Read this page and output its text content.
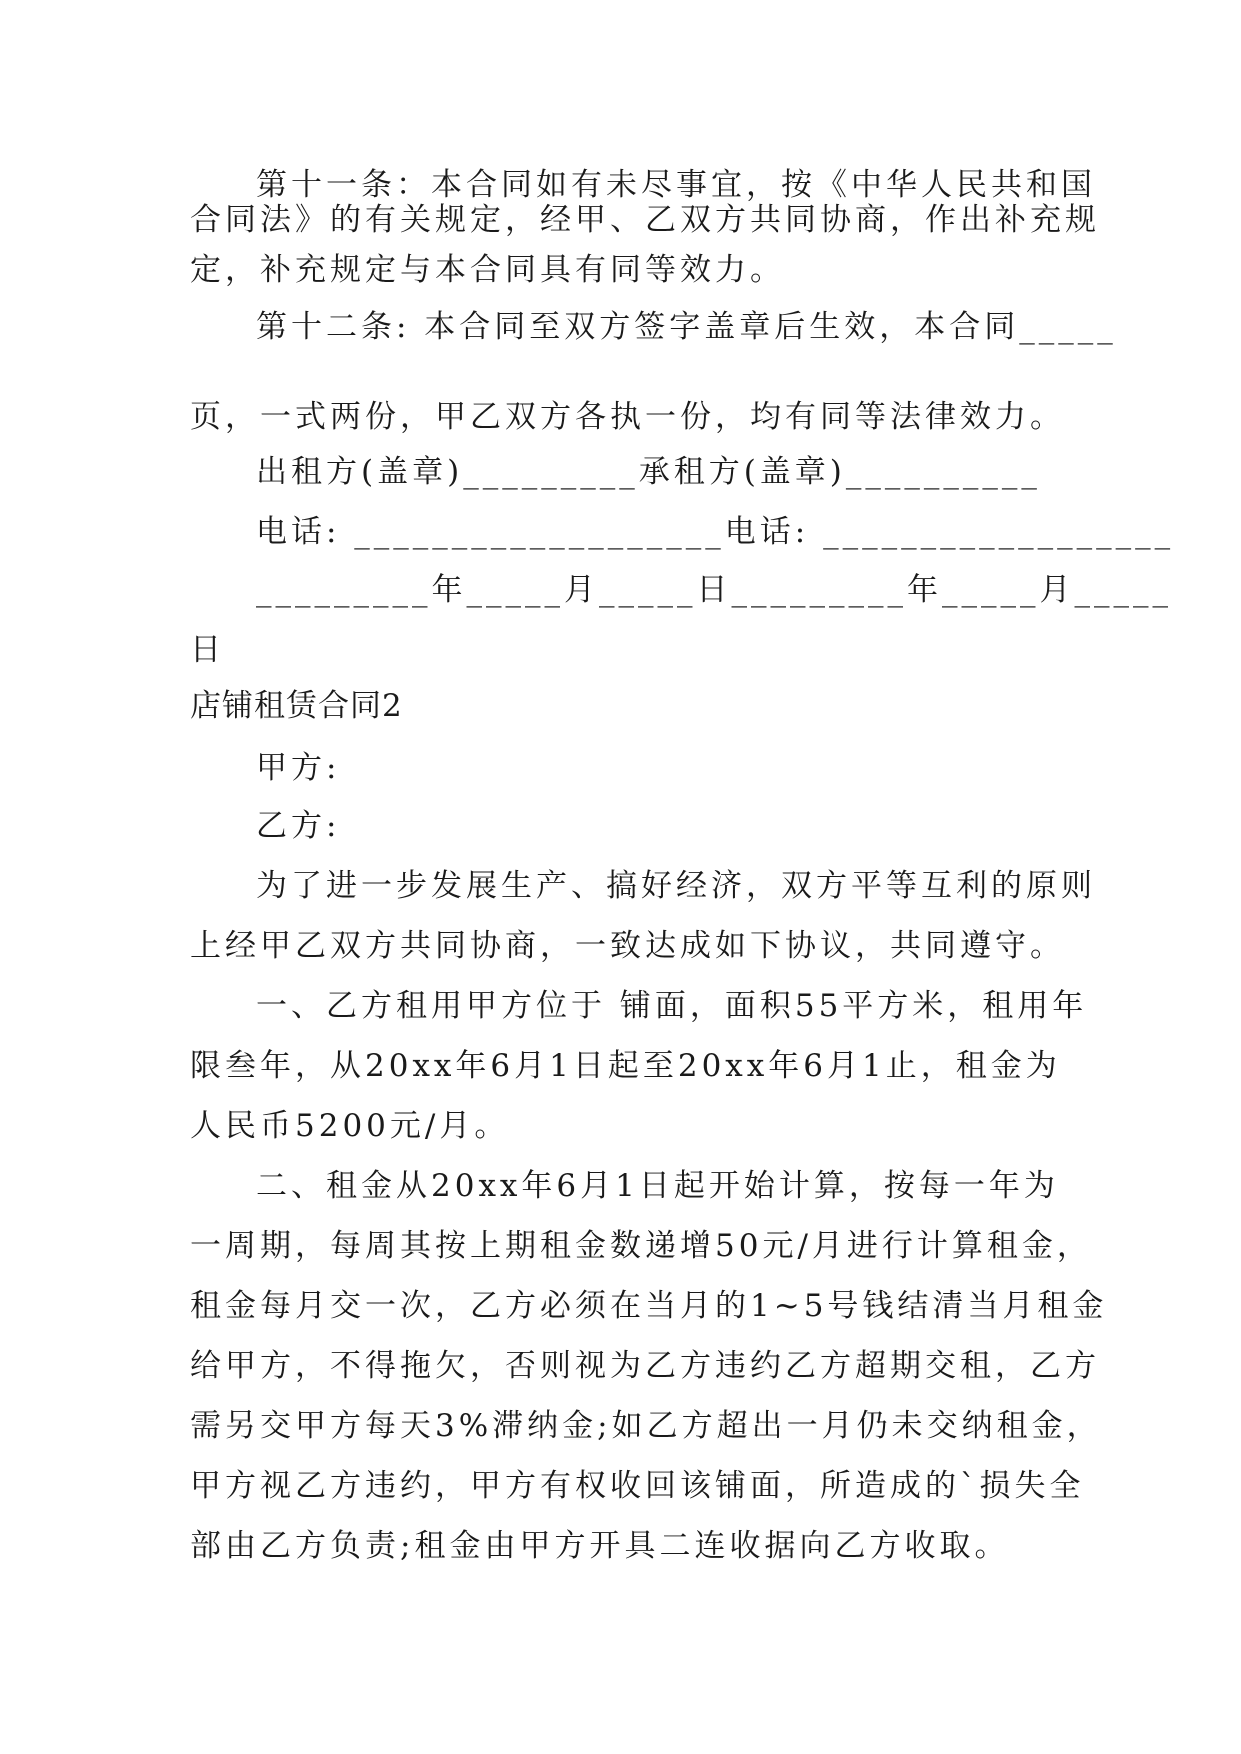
第十一条：本合同如有未尽事宜，按《中华人民共和国
合同法》的有关规定，经甲、乙双方共同协商，作出补充规
定，补充规定与本合同具有同等效力。
第十二条: 本合同至双方签字盖章后生效，本合同_____
页，一式两份，甲乙双方各执一份，均有同等法律效力。
出租方(盖章)_________承租方(盖章)__________
电话: ___________________电话: __________________
_________年_____月_____日_________年_____月_____
日
店铺租赁合同2
甲方:
乙方:
为了进一步发展生产、搞好经济，双方平等互利的原则
上经甲乙双方共同协商，一致达成如下协议，共同遵守。
一、乙方租用甲方位于 铺面，面积55平方米，租用年
限叁年，从20xx年6月1日起至20xx年6月1止，租金为
人民币5200元/月。
二、租金从20xx年6月1日起开始计算，按每一年为
一周期，每周其按上期租金数递增50元/月进行计算租金，
租金每月交一次，乙方必须在当月的1~5号钱结清当月租金
给甲方，不得拖欠，否则视为乙方违约乙方超期交租，乙方
需另交甲方每天3%滞纳金;如乙方超出一月仍未交纳租金，
甲方视乙方违约，甲方有权收回该铺面，所造成的`损失全
部由乙方负责;租金由甲方开具二连收据向乙方收取。
